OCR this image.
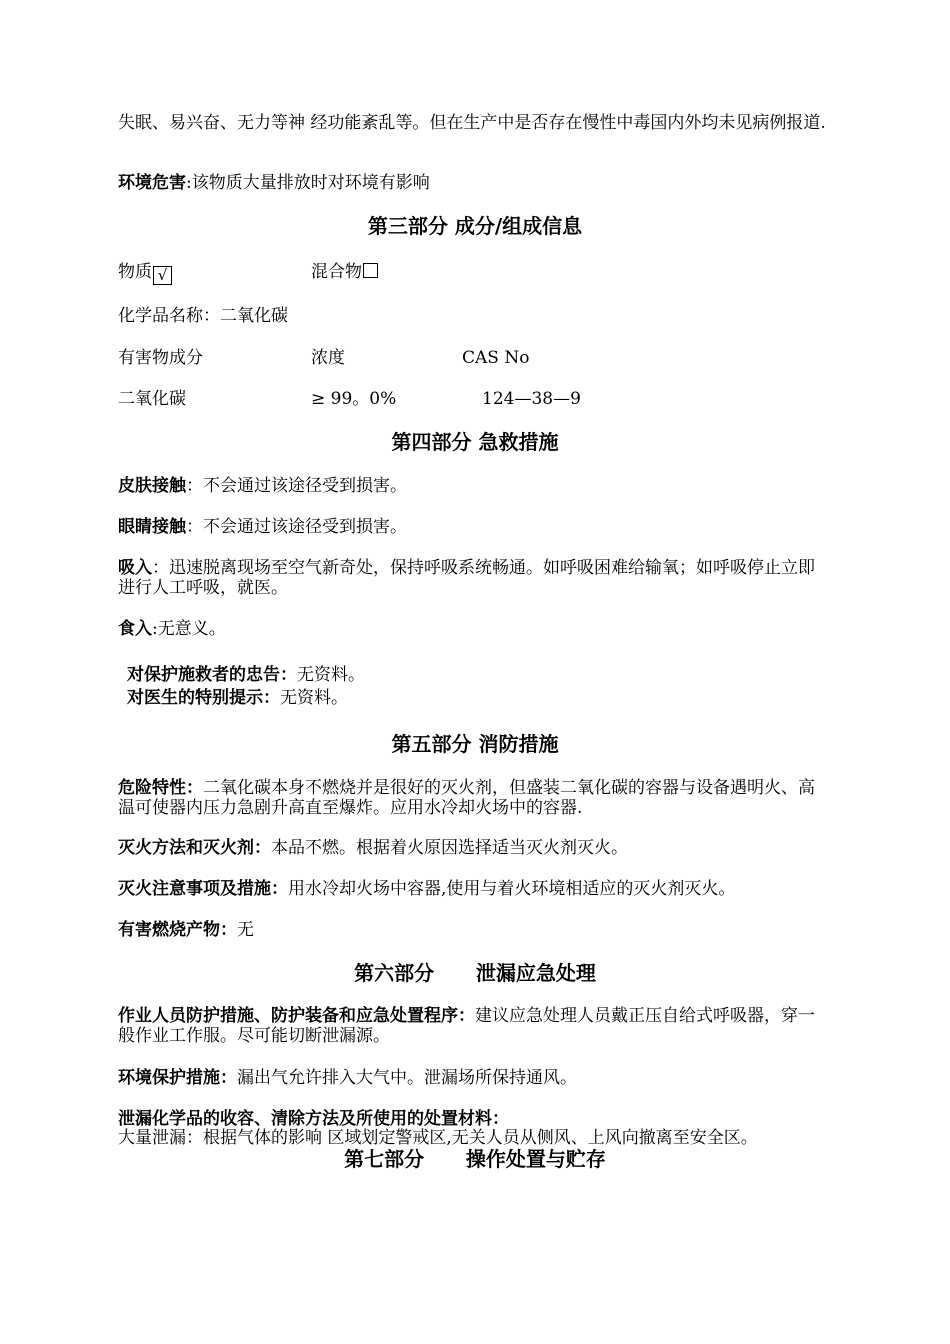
失眠、易兴奋、无力等神 经功能紊乱等。但在生产中是否存在慢性中毒国内外均未见病例报道.
环境危害:该物质大量排放时对环境有影响
第三部分 成分/组成信息
物质 √	混合物
化学品名称：二氧化碳
有害物成分	浓度	CAS No
二氧化碳	≥ 99。0%	124—38—9
第四部分 急救措施
皮肤接触：不会通过该途径受到损害。
眼睛接触：不会通过该途径受到损害。
吸入：迅速脱离现场至空气新奇处，保持呼吸系统畅通。如呼吸困难给输氧；如呼吸停止立即进行人工呼吸，就医。
食入:无意义。
对保护施救者的忠告：无资料。
对医生的特别提示：无资料。
第五部分 消防措施
危险特性：二氧化碳本身不燃烧并是很好的灭火剂，但盛装二氧化碳的容器与设备遇明火、高温可使器内压力急剧升高直至爆炸。应用水冷却火场中的容器.
灭火方法和灭火剂：本品不燃。根据着火原因选择适当灭火剂灭火。
灭火注意事项及措施：用水冷却火场中容器,使用与着火环境相适应的灭火剂灭火。
有害燃烧产物：无
第六部分      泄漏应急处理
作业人员防护措施、防护装备和应急处置程序：建议应急处理人员戴正压自给式呼吸器，穿一般作业工作服。尽可能切断泄漏源。
环境保护措施：漏出气允许排入大气中。泄漏场所保持通风。
泄漏化学品的收容、清除方法及所使用的处置材料：
大量泄漏：根据气体的影响 区域划定警戒区,无关人员从侧风、上风向撤离至安全区。
第七部分      操作处置与贮存
